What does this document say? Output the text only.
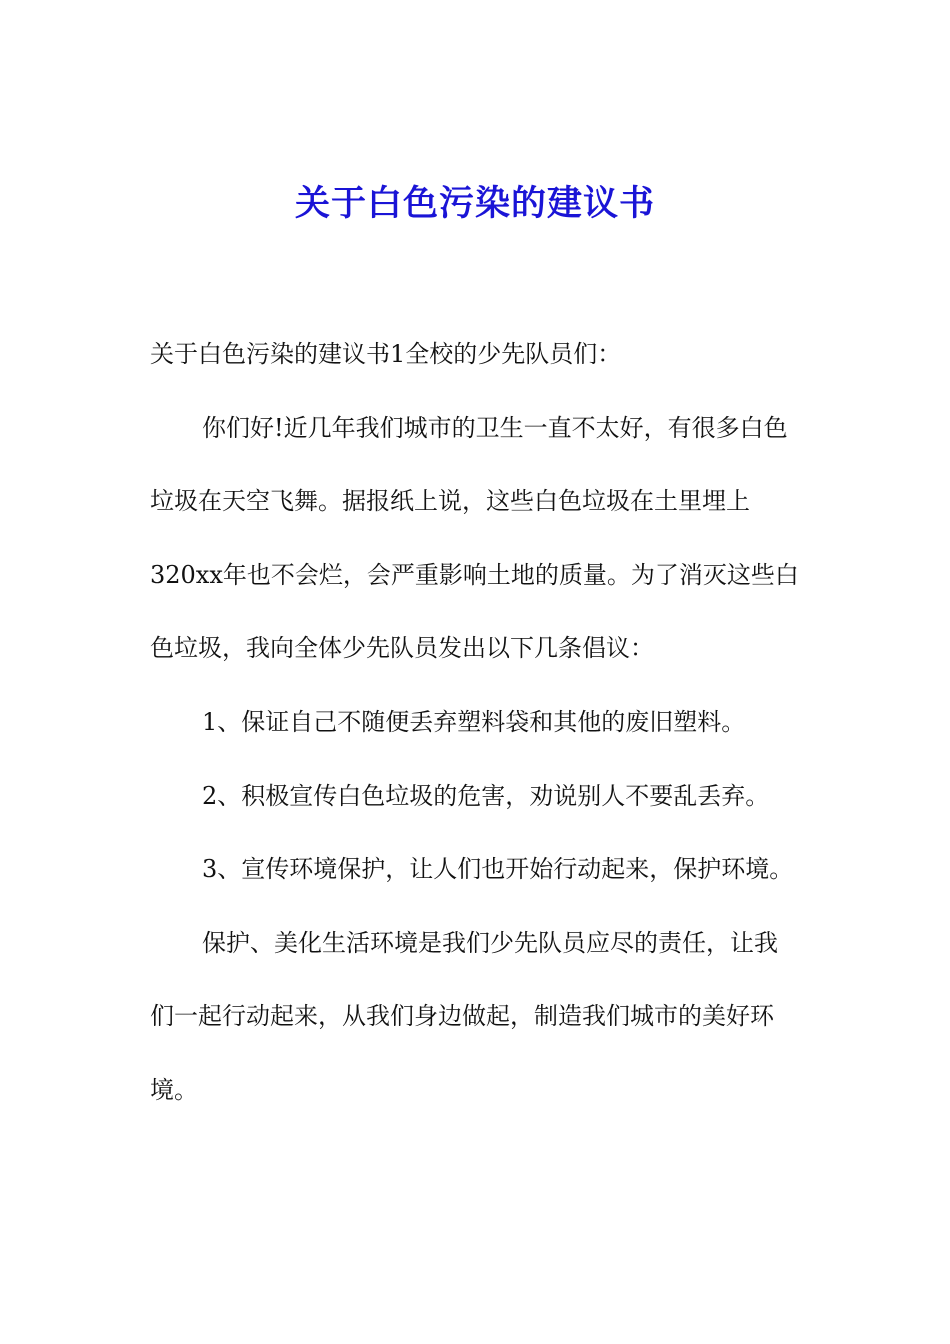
关于白色污染的建议书

关于白色污染的建议书1全校的少先队员们：

你们好!近几年我们城市的卫生一直不太好，有很多白色垃圾在天空飞舞。据报纸上说，这些白色垃圾在土里埋上320xx年也不会烂，会严重影响土地的质量。为了消灭这些白色垃圾，我向全体少先队员发出以下几条倡议：

1、保证自己不随便丢弃塑料袋和其他的废旧塑料。

2、积极宣传白色垃圾的危害，劝说别人不要乱丢弃。

3、宣传环境保护，让人们也开始行动起来，保护环境。

保护、美化生活环境是我们少先队员应尽的责任，让我们一起行动起来，从我们身边做起，制造我们城市的美好环境。
